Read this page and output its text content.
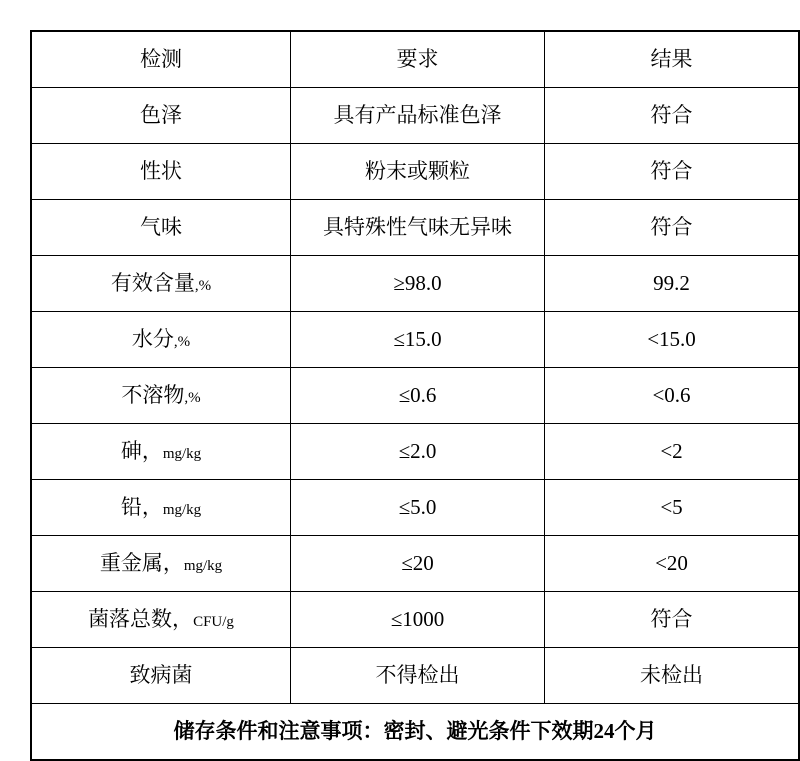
检测	要求	结果
色泽	具有产品标准色泽	符合
性状	粉末或颗粒	符合
气味	具特殊性气味无异味	符合
有效含量,%	≥98.0	99.2
水分,%	≤15.0	<15.0
不溶物,%	≤0.6	<0.6
砷，mg/kg	≤2.0	<2
铅，mg/kg	≤5.0	<5
重金属，mg/kg	≤20	<20
菌落总数，CFU/g	≤1000	符合
致病菌	不得检出	未检出
储存条件和注意事项：密封、避光条件下效期24个月		
